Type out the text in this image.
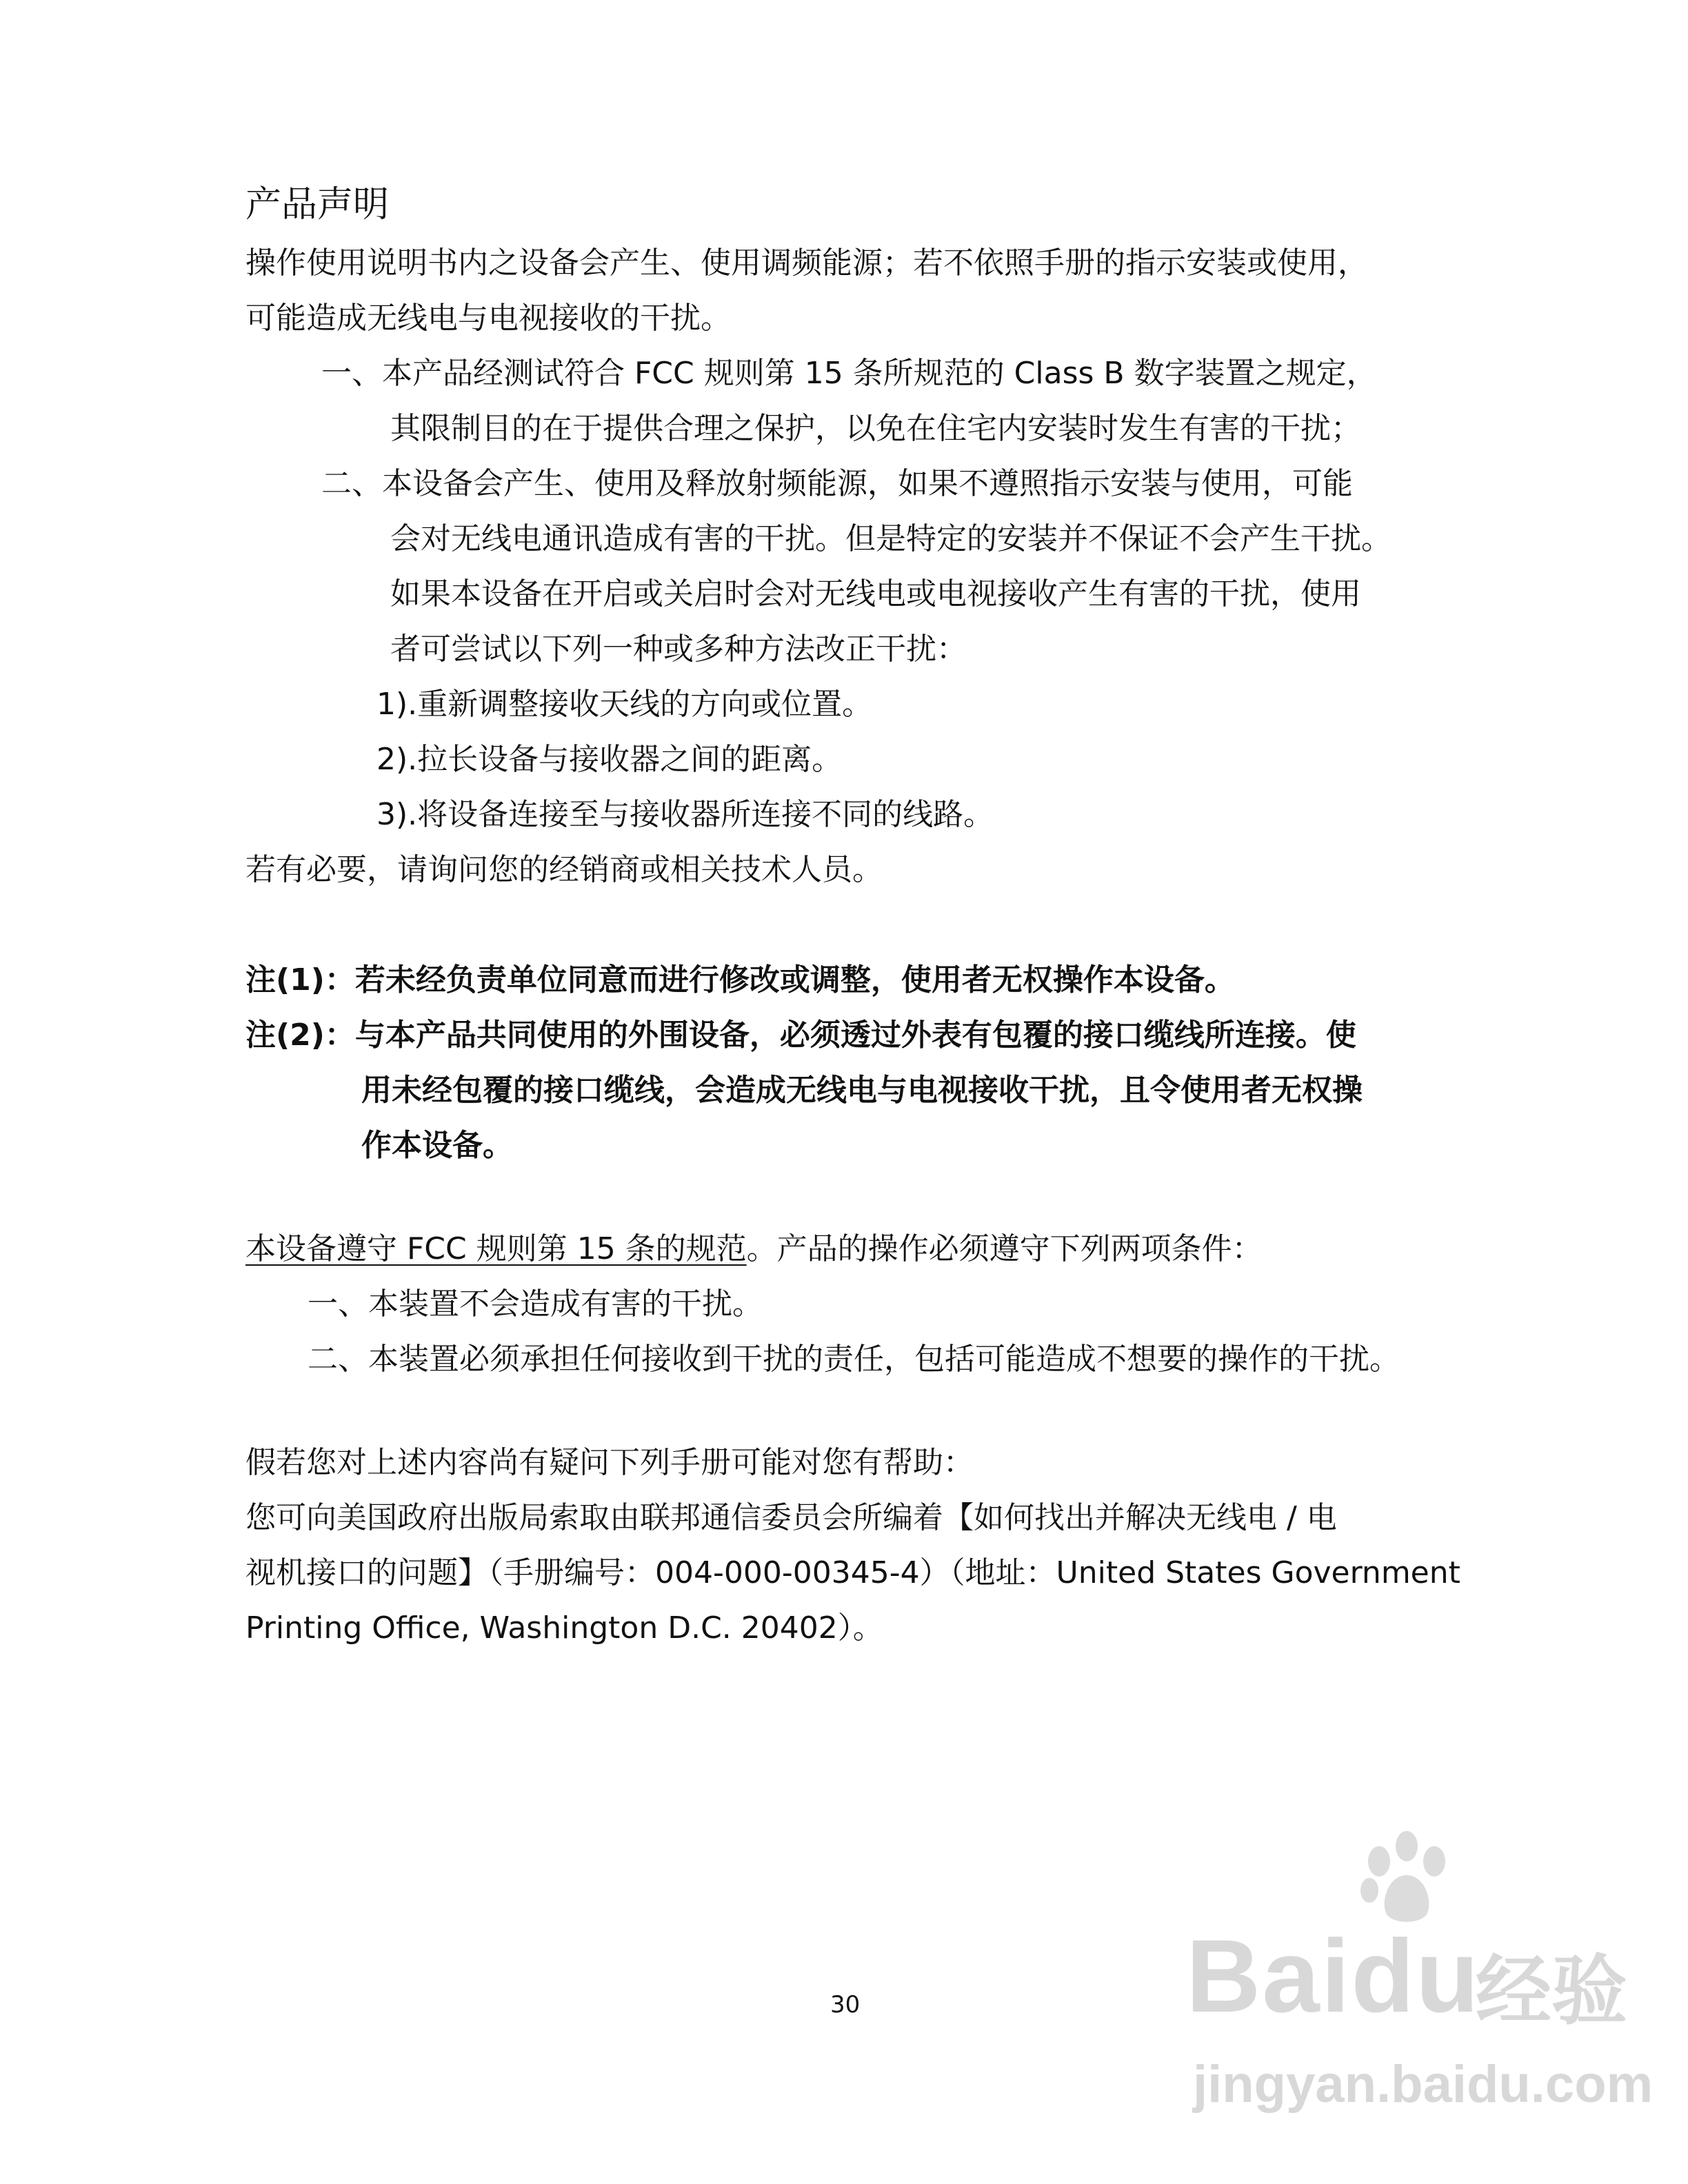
产品声明
操作使用说明书内之设备会产生、使用调频能源；若不依照手册的指示安装或使用，
可能造成无线电与电视接收的干扰。
一、本产品经测试符合 FCC 规则第 15 条所规范的 Class B 数字装置之规定，
其限制目的在于提供合理之保护，以免在住宅内安装时发生有害的干扰；
二、本设备会产生、使用及释放射频能源，如果不遵照指示安装与使用，可能
会对无线电通讯造成有害的干扰。但是特定的安装并不保证不会产生干扰。
如果本设备在开启或关启时会对无线电或电视接收产生有害的干扰，使用
者可尝试以下列一种或多种方法改正干扰：
1).重新调整接收天线的方向或位置。
2).拉长设备与接收器之间的距离。
3).将设备连接至与接收器所连接不同的线路。
若有必要，请询问您的经销商或相关技术人员。
注(1)：若未经负责单位同意而进行修改或调整，使用者无权操作本设备。
注(2)：与本产品共同使用的外围设备，必须透过外表有包覆的接口缆线所连接。使
用未经包覆的接口缆线，会造成无线电与电视接收干扰，且令使用者无权操
作本设备。
本设备遵守 FCC 规则第 15 条的规范。产品的操作必须遵守下列两项条件：
一、本装置不会造成有害的干扰。
二、本装置必须承担任何接收到干扰的责任，包括可能造成不想要的操作的干扰。
假若您对上述内容尚有疑问下列手册可能对您有帮助：
您可向美国政府出版局索取由联邦通信委员会所编着【如何找出并解决无线电 / 电
视机接口的问题】（手册编号：004-000-00345-4）（地址：United States Government
Printing Office, Washington D.C. 20402）。
30	Baidu
经验
jingyan.baidu.com
